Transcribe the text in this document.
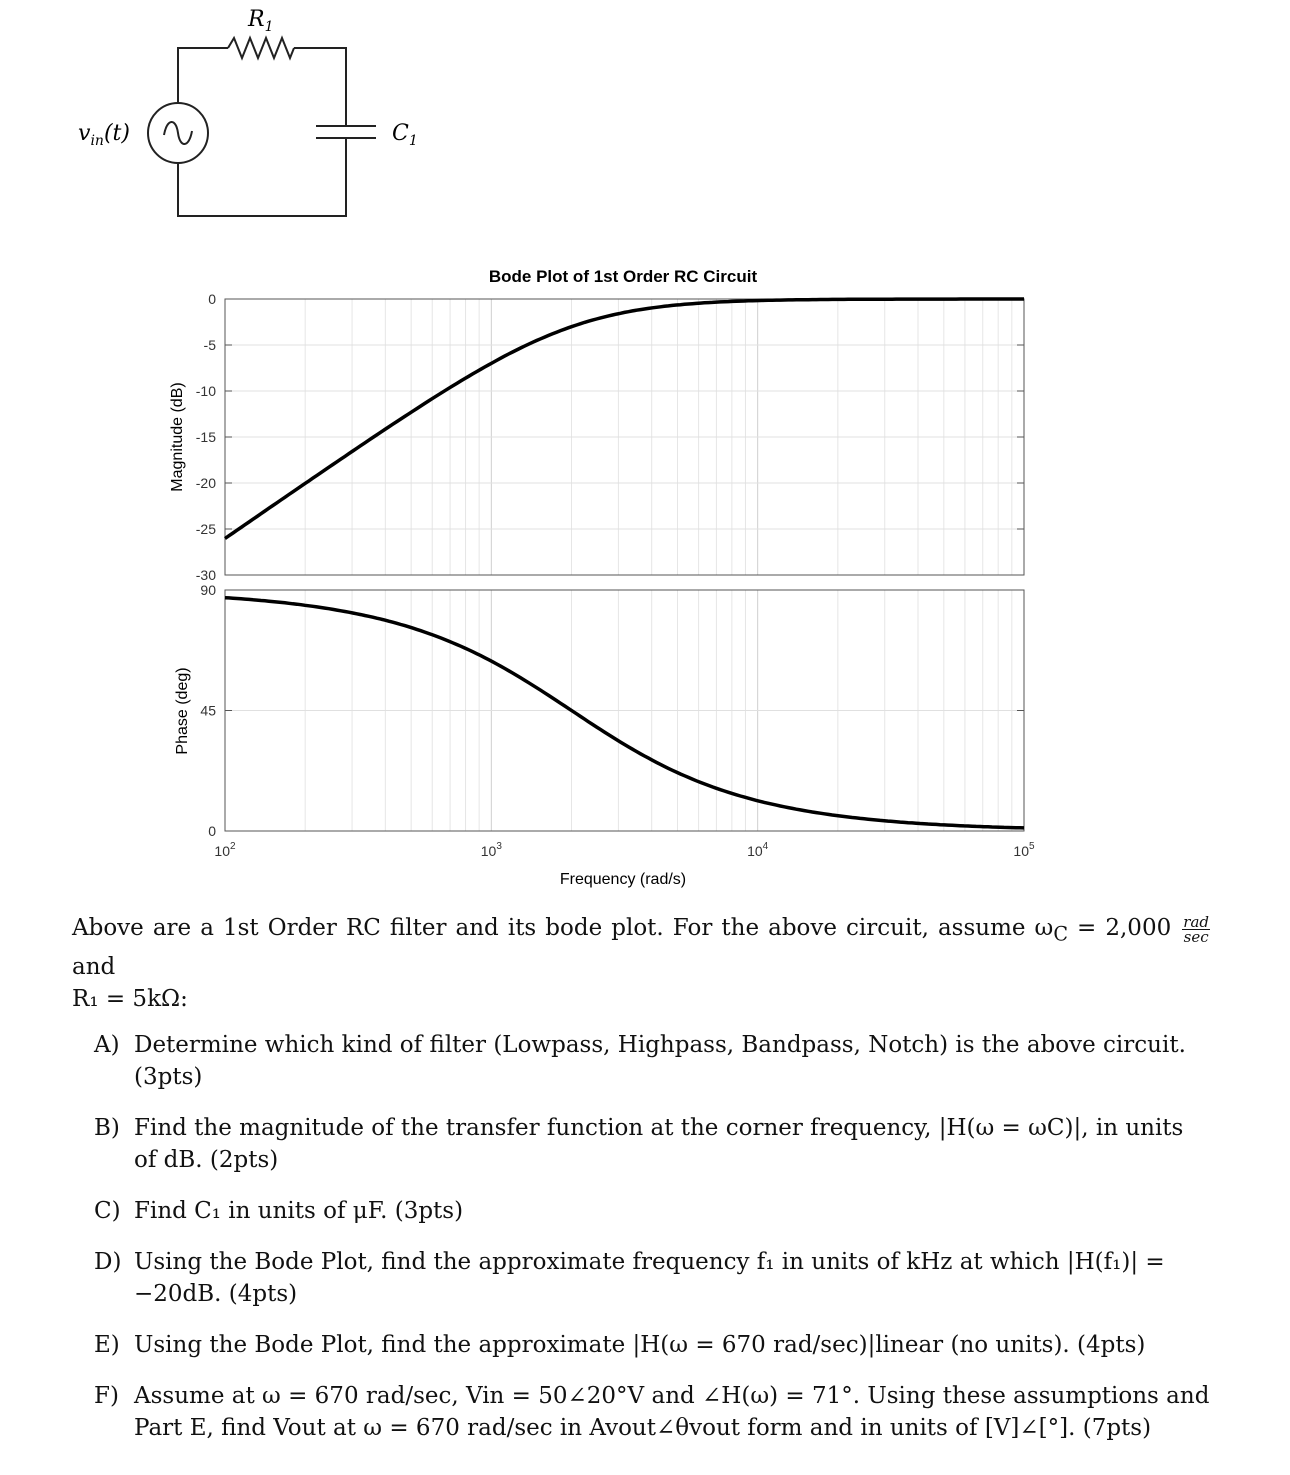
$R_1$
$C_1$
$v_{in}(t)$
Bode Plot of 1st Order RC Circuit
0
-5
-10
-15
-20
-25
-30
90
45
0
$10^2$	$10^3$	$10^4$	$10^5$
Magnitude (dB)
Phase (deg)
Frequency (rad/s)
Above are a 1st Order RC filter and its bode plot. For the above circuit, assume $\omega_C = 2,000 \frac{\text{rad}}{\sec}$
and
R₁ = 5kΩ:
A) Determine which kind of filter (Lowpass, Highpass, Bandpass, Notch) is the above circuit. (3pts)
B) Find the magnitude of the transfer function at the corner frequency, |H(ω = ωC)|, in units of dB. (2pts)
C) Find C₁ in units of μF. (3pts)
D) Using the Bode Plot, find the approximate frequency f₁ in units of kHz at which |H(f₁)| = −20dB. (4pts)
E) Using the Bode Plot, find the approximate |H(ω = 670 rad/sec)|linear (no units). (4pts)
F) Assume at ω = 670 rad/sec, Vin = 50∠20°V and ∠H(ω) = 71°. Using these assumptions and Part E, find Vout at ω = 670 rad/sec in Avout∠θvout form and in units of [V]∠[°]. (7pts)
